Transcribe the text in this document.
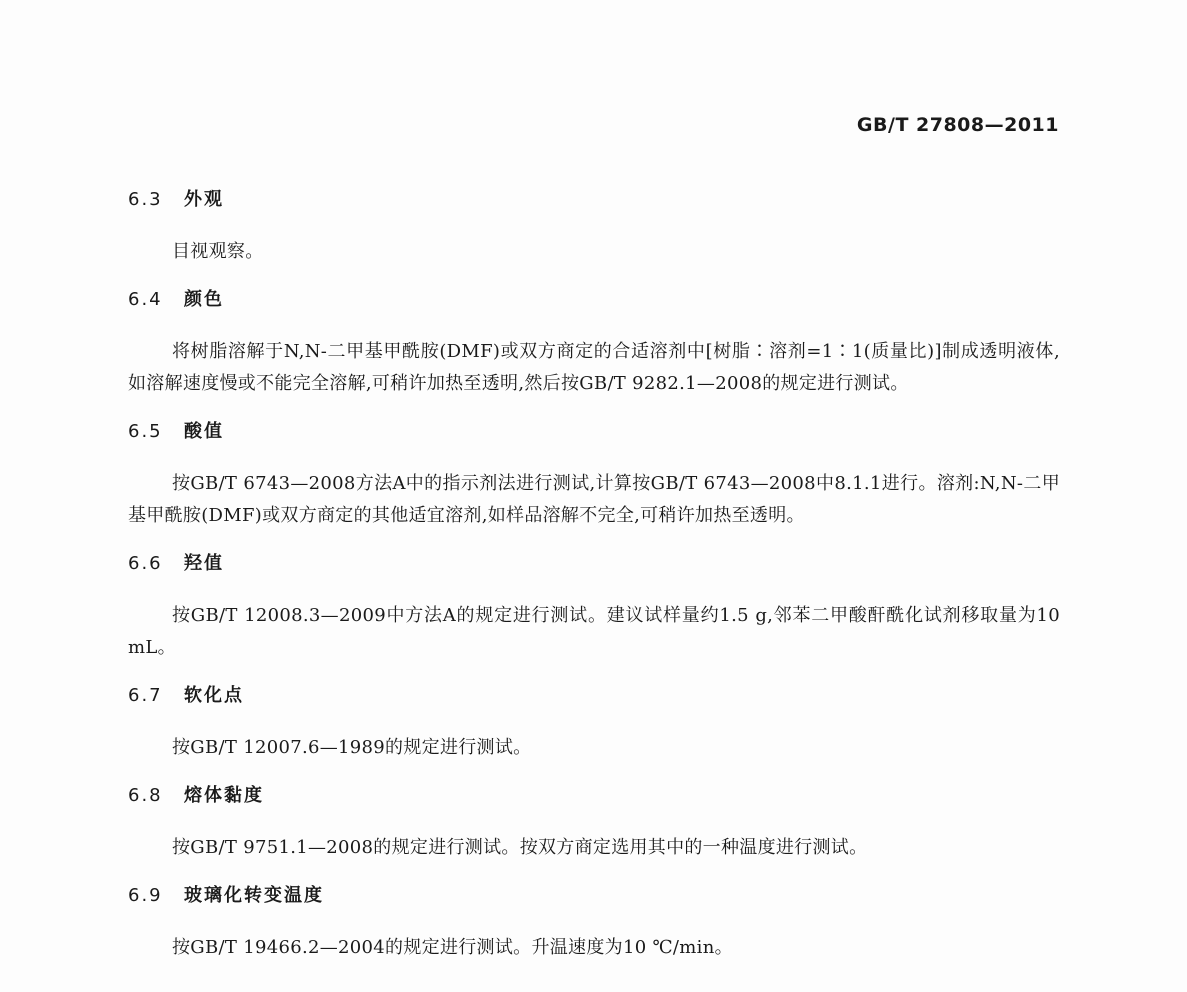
GB/T 27808—2011
6.3 外观

目视观察。

6.4 颜色

将树脂溶解于N,N-二甲基甲酰胺(DMF)或双方商定的合适溶剂中[树脂∶溶剂=1∶1(质量比)]制成透明液体,如溶解速度慢或不能完全溶解,可稍许加热至透明,然后按GB/T 9282.1—2008的规定进行测试。

6.5 酸值

按GB/T 6743—2008方法A中的指示剂法进行测试,计算按GB/T 6743—2008中8.1.1进行。溶剂:N,N-二甲基甲酰胺(DMF)或双方商定的其他适宜溶剂,如样品溶解不完全,可稍许加热至透明。

6.6 羟值

按GB/T 12008.3—2009中方法A的规定进行测试。建议试样量约1.5 g,邻苯二甲酸酐酰化试剂移取量为10 mL。

6.7 软化点

按GB/T 12007.6—1989的规定进行测试。

6.8 熔体黏度

按GB/T 9751.1—2008的规定进行测试。按双方商定选用其中的一种温度进行测试。

6.9 玻璃化转变温度

按GB/T 19466.2—2004的规定进行测试。升温速度为10 ℃/min。
